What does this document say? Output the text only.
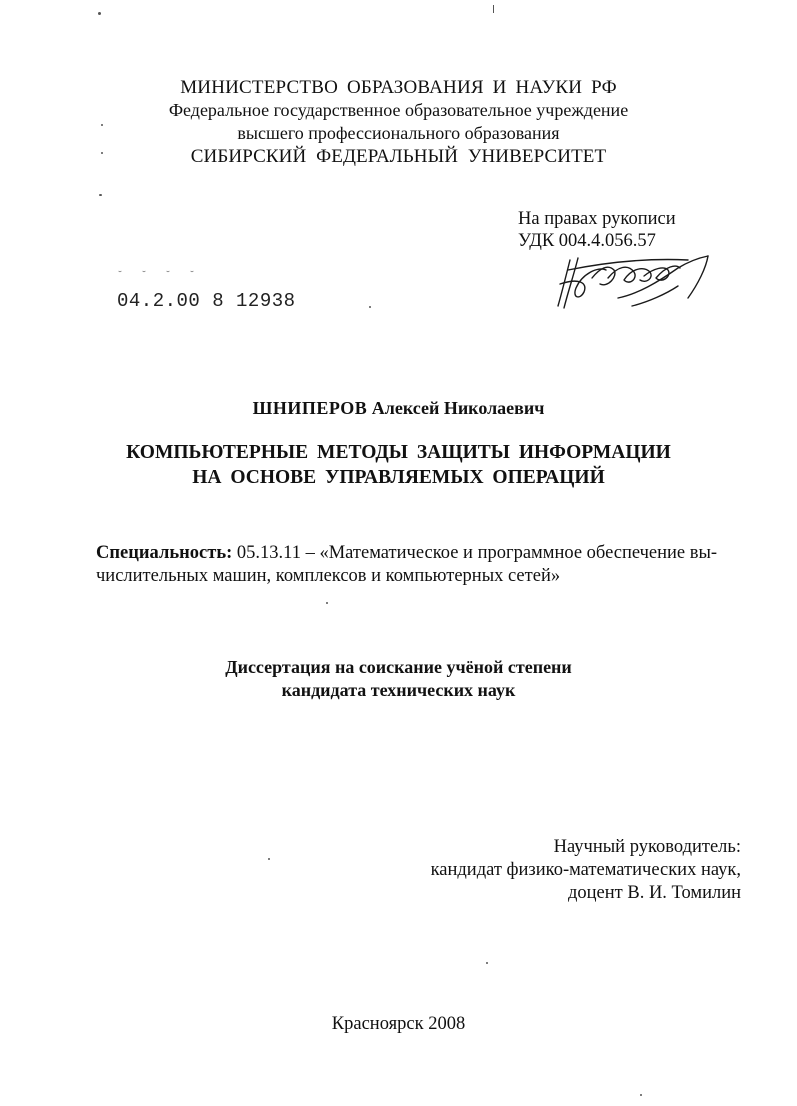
МИНИСТЕРСТВО ОБРАЗОВАНИЯ И НАУКИ РФ
Федеральное государственное образовательное учреждение
высшего профессионального образования
СИБИРСКИЙ ФЕДЕРАЛЬНЫЙ УНИВЕРСИТЕТ
На правах рукописи
УДК 004.4.056.57
˘ ˘ ˘ ˘
04.2.00 8 12938
ШНИПЕРОВ Алексей Николаевич
КОМПЬЮТЕРНЫЕ МЕТОДЫ ЗАЩИТЫ ИНФОРМАЦИИ
НА ОСНОВЕ УПРАВЛЯЕМЫХ ОПЕРАЦИЙ
Специальность: 05.13.11 – «Математическое и программное обеспечение вы-
числительных машин, комплексов и компьютерных сетей»
Диссертация на соискание учёной степени
кандидата технических наук
Научный руководитель:
кандидат физико-математических наук,
доцент В. И. Томилин
Красноярск 2008
